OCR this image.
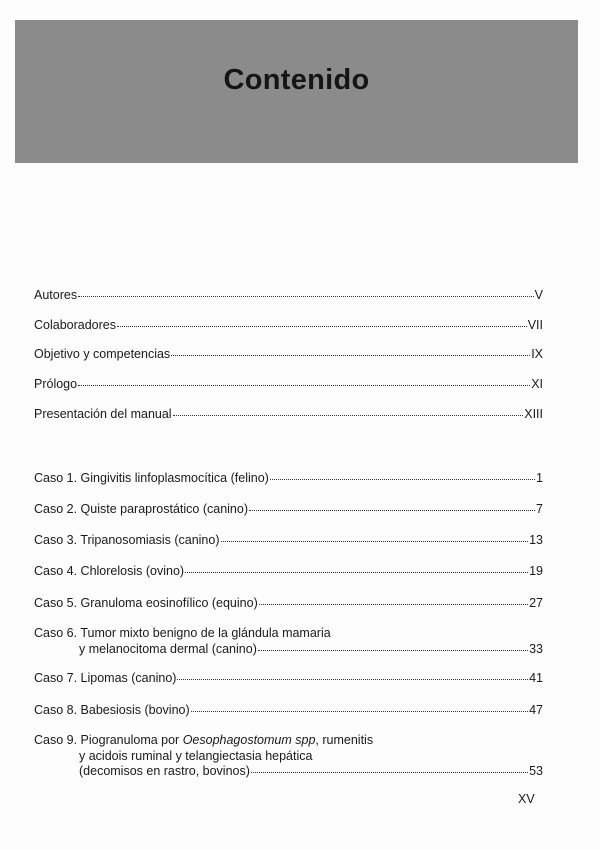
Contenido
Autores	V
Colaboradores	VII
Objetivo y competencias	IX
Prólogo	XI
Presentación del manual	XIII
Caso 1. Gingivitis linfoplasmocítica (felino)	1
Caso 2. Quiste paraprostático (canino)	7
Caso 3. Tripanosomiasis (canino)	13
Caso 4. Chlorelosis (ovino)	19
Caso 5. Granuloma eosinofílico (equino)	27
Caso 6. Tumor mixto benigno de la glándula mamaria
y melanocitoma dermal (canino)	33
Caso 7. Lipomas (canino)	41
Caso 8. Babesiosis (bovino)	47
Caso 9. Piogranuloma por Oesophagostomum spp, rumenitis
y acidois ruminal y telangiectasia hepática
(decomisos en rastro, bovinos)	53
XV
